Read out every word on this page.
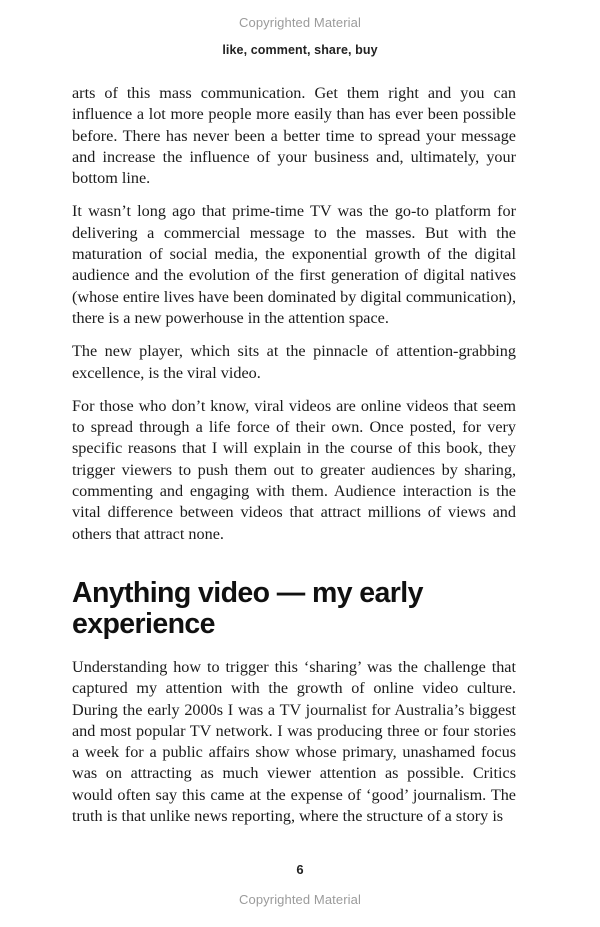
Copyrighted Material
like, comment, share, buy

arts of this mass communication. Get them right and you can influence a lot more people more easily than has ever been possible before. There has never been a better time to spread your message and increase the influence of your business and, ultimately, your bottom line.

It wasn’t long ago that prime-time TV was the go-to platform for delivering a commercial message to the masses. But with the maturation of social media, the exponential growth of the digital audience and the evolution of the first generation of digital natives (whose entire lives have been dominated by digital communication), there is a new powerhouse in the attention space.

The new player, which sits at the pinnacle of attention-grabbing excellence, is the viral video.

For those who don’t know, viral videos are online videos that seem to spread through a life force of their own. Once posted, for very specific reasons that I will explain in the course of this book, they trigger viewers to push them out to greater audiences by sharing, commenting and engaging with them. Audience interaction is the vital difference between videos that attract millions of views and others that attract none.

Anything video — my early experience

Understanding how to trigger this ‘sharing’ was the challenge that captured my attention with the growth of online video culture. During the early 2000s I was a TV journalist for Australia’s biggest and most popular TV network. I was producing three or four stories a week for a public affairs show whose primary, unashamed focus was on attracting as much viewer attention as possible. Critics would often say this came at the expense of ‘good’ journalism. The truth is that unlike news reporting, where the structure of a story is

6
Copyrighted Material
